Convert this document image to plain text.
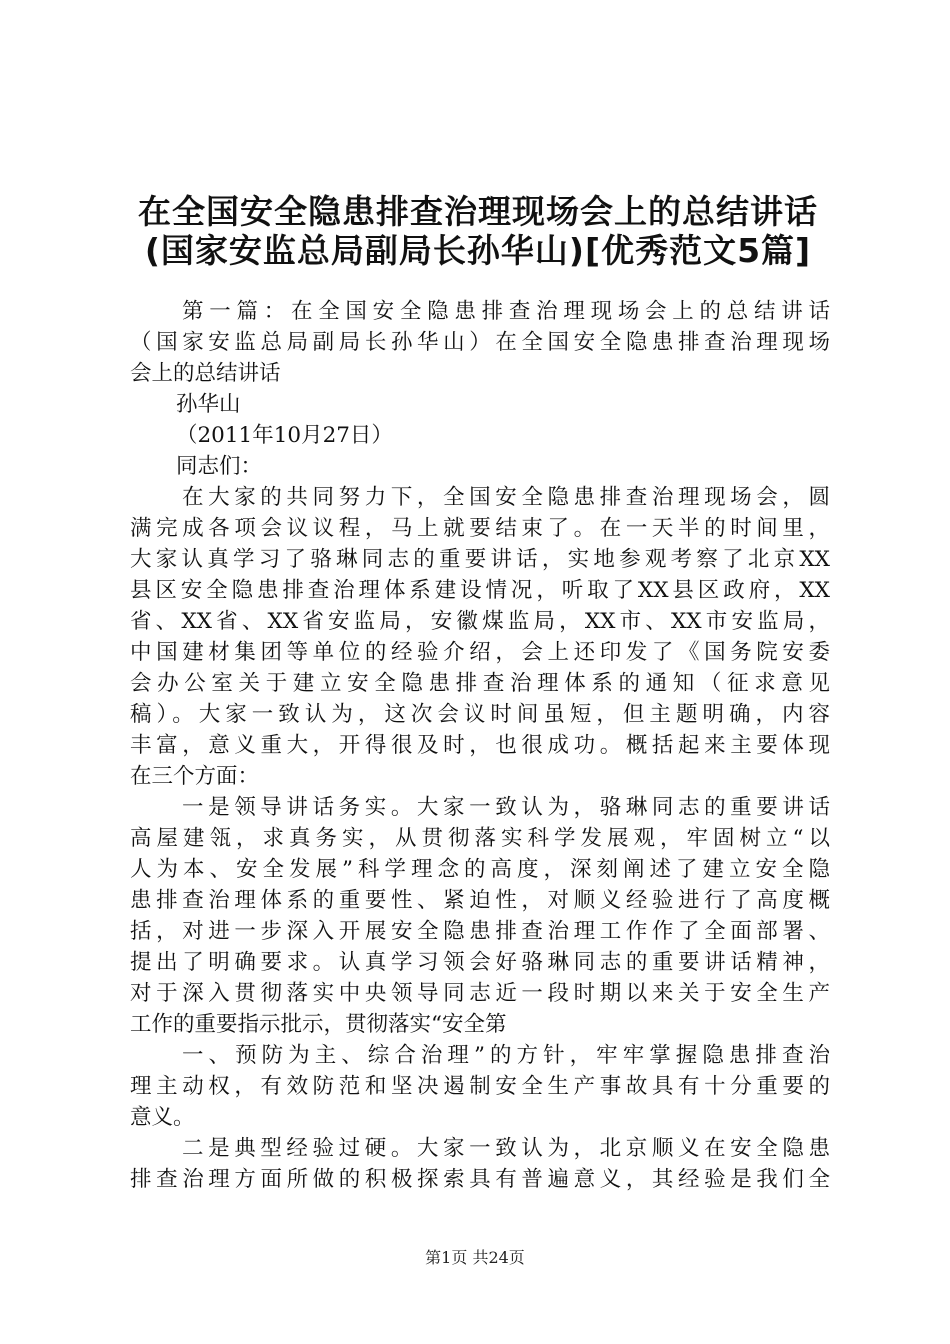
在全国安全隐患排查治理现场会上的总结讲话
(国家安监总局副局长孙华山)[优秀范文5篇]
第一篇：在全国安全隐患排查治理现场会上的总结讲话
（国家安监总局副局长孙华山）在全国安全隐患排查治理现场
会上的总结讲话
孙华山
（2011年10月27日）
同志们：
在大家的共同努力下，全国安全隐患排查治理现场会，圆
满完成各项会议议程，马上就要结束了。在一天半的时间里，
大家认真学习了骆琳同志的重要讲话，实地参观考察了北京XX
县区安全隐患排查治理体系建设情况，听取了XX县区政府，XX
省、XX省、XX省安监局，安徽煤监局，XX市、XX市安监局，
中国建材集团等单位的经验介绍，会上还印发了《国务院安委
会办公室关于建立安全隐患排查治理体系的通知（征求意见
稿）。大家一致认为，这次会议时间虽短，但主题明确，内容
丰富，意义重大，开得很及时，也很成功。概括起来主要体现
在三个方面：
一是领导讲话务实。大家一致认为，骆琳同志的重要讲话
高屋建瓴，求真务实，从贯彻落实科学发展观，牢固树立“以
人为本、安全发展”科学理念的高度，深刻阐述了建立安全隐
患排查治理体系的重要性、紧迫性，对顺义经验进行了高度概
括，对进一步深入开展安全隐患排查治理工作作了全面部署、
提出了明确要求。认真学习领会好骆琳同志的重要讲话精神，
对于深入贯彻落实中央领导同志近一段时期以来关于安全生产
工作的重要指示批示，贯彻落实“安全第
一、预防为主、综合治理”的方针，牢牢掌握隐患排查治
理主动权，有效防范和坚决遏制安全生产事故具有十分重要的
意义。
二是典型经验过硬。大家一致认为，北京顺义在安全隐患
排查治理方面所做的积极探索具有普遍意义，其经验是我们全
第1页 共24页
